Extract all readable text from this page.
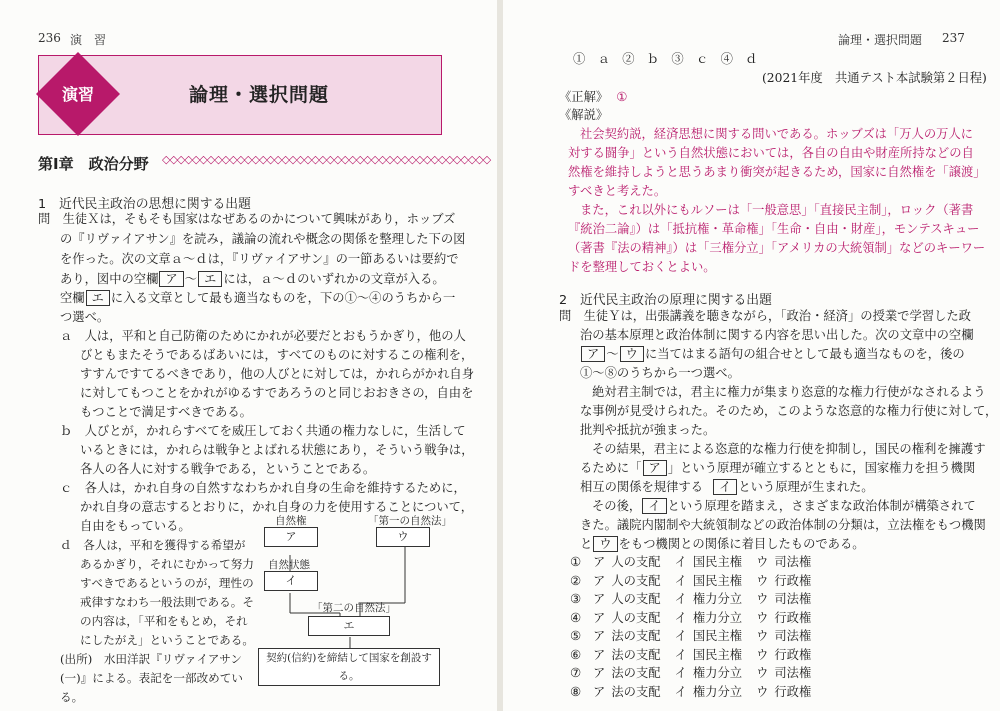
236 演　習
論理・選択問題
演習
第Ⅰ章　政治分野 ◇◇◇◇◇◇◇◇◇◇◇◇◇◇◇◇◇◇◇◇◇◇◇◇◇◇◇◇◇◇◇◇◇◇◇◇◇◇◇◇◇◇◇◇
1　近代民主政治の思想に関する出題
問　生徒Ｘは，そもそも国家はなぜあるのかについて興味があり，ホッブズ
の『リヴァイアサン』を読み，議論の流れや概念の関係を整理した下の図
を作った。次の文章ａ～ｄは，『リヴァイアサン』の一節あるいは要約で
あり，図中の空欄 ア ～ エ には，ａ～ｄのいずれかの文章が入る。
空欄 エ に入る文章として最も適当なものを，下の①～④のうちから一
つ選べ。
ａ　人は，平和と自己防衛のためにかれが必要だとおもうかぎり，他の人
びともまたそうであるばあいには，すべてのものに対するこの権利を，
すすんですてるべきであり，他の人びとに対しては，かれらがかれ自身
に対してもつことをかれがゆるすであろうのと同じおおきさの，自由を
もつことで満足すべきである。
ｂ　人びとが，かれらすべてを威圧しておく共通の権力なしに，生活して
いるときには，かれらは戦争とよばれる状態にあり，そういう戦争は，
各人の各人に対する戦争である，ということである。
ｃ　各人は，かれ自身の自然すなわちかれ自身の生命を維持するために，
かれ自身の意志するとおりに，かれ自身の力を使用することについて，
自由をもっている。
ｄ　各人は，平和を獲得する希望が
あるかぎり，それにむかって努力
すべきであるというのが，理性の
戒律すなわち一般法則である。そ
の内容は，「平和をもとめ，それ
にしたがえ」ということである。
(出所)　水田洋訳『リヴァイアサン
(一)』による。表記を一部改めてい
る。
自然権	「第一の自然法」
ア	ウ
自然状態
イ
「第二の自然法」
エ
契約(信約)を締結して国家を創設する。
論理・選択問題 237
①　ａ　②　ｂ　③　ｃ　④　ｄ
(2021年度　共通テスト本試験第２日程)
《正解》 ①
《解説》
社会契約説，経済思想に関する問いである。ホッブズは「万人の万人に
対する闘争」という自然状態においては，各自の自由や財産所持などの自
然権を維持しようと思うあまり衝突が起きるため，国家に自然権を「譲渡」
すべきと考えた。
また，これ以外にもルソーは「一般意思」「直接民主制」，ロック（著書
『統治二論』）は「抵抗権・革命権」「生命・自由・財産」，モンテスキュー
（著書『法の精神』）は「三権分立」「アメリカの大統領制」などのキーワー
ドを整理しておくとよい。
2　近代民主政治の原理に関する出題
問　生徒Ｙは，出張講義を聴きながら，「政治・経済」の授業で学習した政
治の基本原理と政治体制に関する内容を思い出した。次の文章中の空欄
ア ～ ウ に当てはまる語句の組合せとして最も適当なものを，後の
①～⑧のうちから一つ選べ。
絶対君主制では，君主に権力が集まり恣意的な権力行使がなされるよう
な事例が見受けられた。そのため，このような恣意的な権力行使に対して，
批判や抵抗が強まった。
その結果，君主による恣意的な権力行使を抑制し，国民の権利を擁護す
るために「 ア 」という原理が確立するとともに，国家権力を担う機関
相互の関係を規律する	イ という原理が生まれた。
その後， イ という原理を踏まえ，さまざまな政治体制が構築されて
きた。議院内閣制や大統領制などの政治体制の分類は，立法権をもつ機関
と ウ をもつ機関との関係に着目したものである。
①	ア	人の支配	イ	国民主権	ウ	司法権
②	ア	人の支配	イ	国民主権	ウ	行政権
③	ア	人の支配	イ	権力分立	ウ	司法権
④	ア	人の支配	イ	権力分立	ウ	行政権
⑤	ア	法の支配	イ	国民主権	ウ	司法権
⑥	ア	法の支配	イ	国民主権	ウ	行政権
⑦	ア	法の支配	イ	権力分立	ウ	司法権
⑧	ア	法の支配	イ	権力分立	ウ	行政権
